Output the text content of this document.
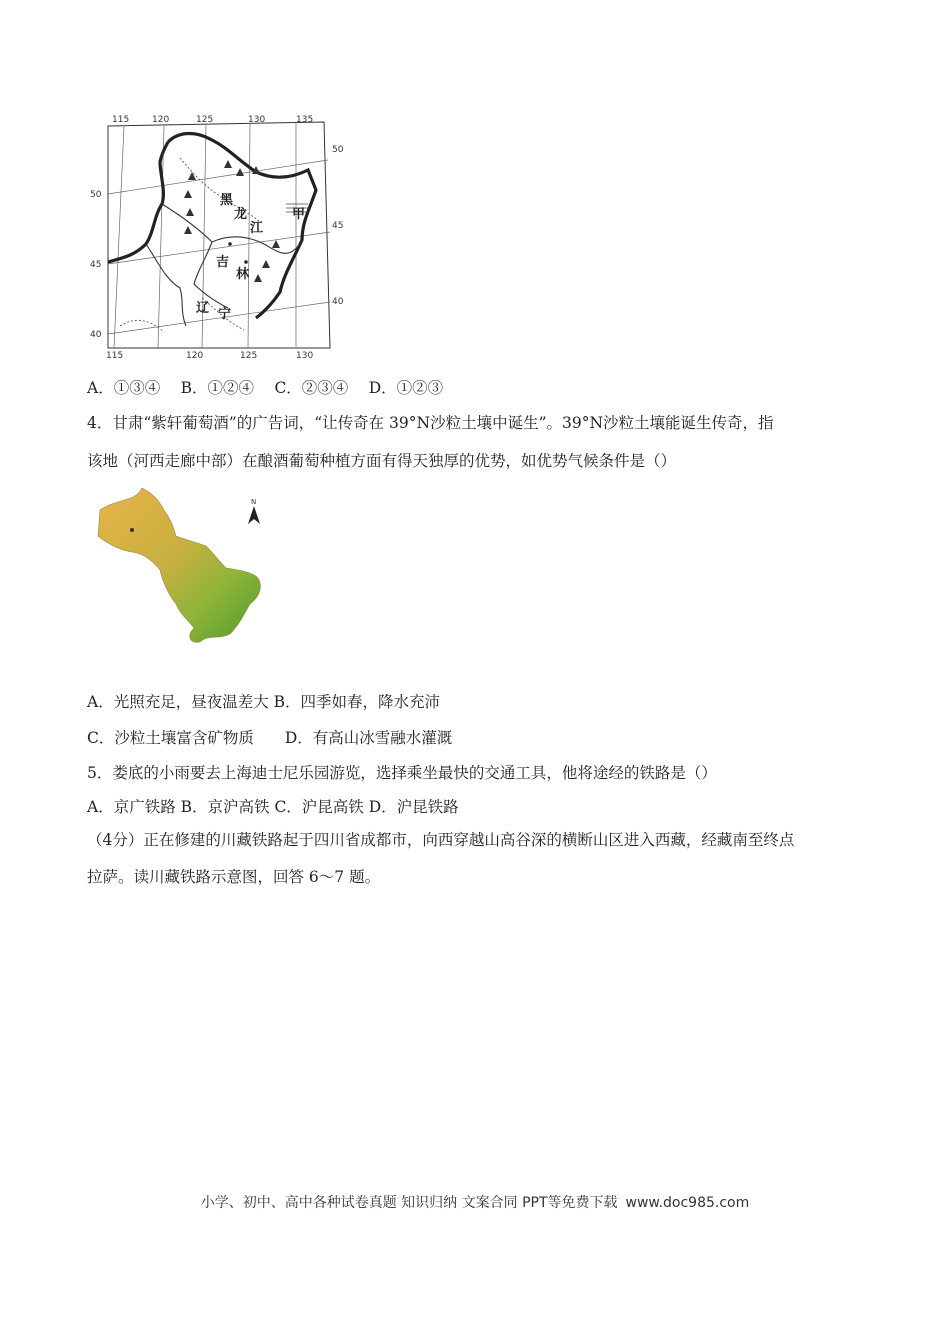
115	120	125	130	135
115	120	125	130
50
45
40
50
45
40
黑
龙
江
吉
林
辽 宁
甲
A．①③④　 B．①②④　 C．②③④　 D．①②③
4．甘肃“紫轩葡萄酒”的广告词，“让传奇在 39°N沙粒土壤中诞生”。39°N沙粒土壤能诞生传奇，指
该地（河西走廊中部）在酿酒葡萄种植方面有得天独厚的优势，如优势气候条件是（）
N
A．光照充足，昼夜温差大 B．四季如春，降水充沛
C．沙粒土壤富含矿物质　　D．有高山冰雪融水灌溉
5．娄底的小雨要去上海迪士尼乐园游览，选择乘坐最快的交通工具，他将途经的铁路是（）
A．京广铁路 B．京沪高铁 C．沪昆高铁 D．沪昆铁路
（4分）正在修建的川藏铁路起于四川省成都市，向西穿越山高谷深的横断山区进入西藏，经藏南至终点
拉萨。读川藏铁路示意图，回答 6～7 题。
小学、初中、高中各种试卷真题 知识归纳 文案合同 PPT等免费下载 www.doc985.com
